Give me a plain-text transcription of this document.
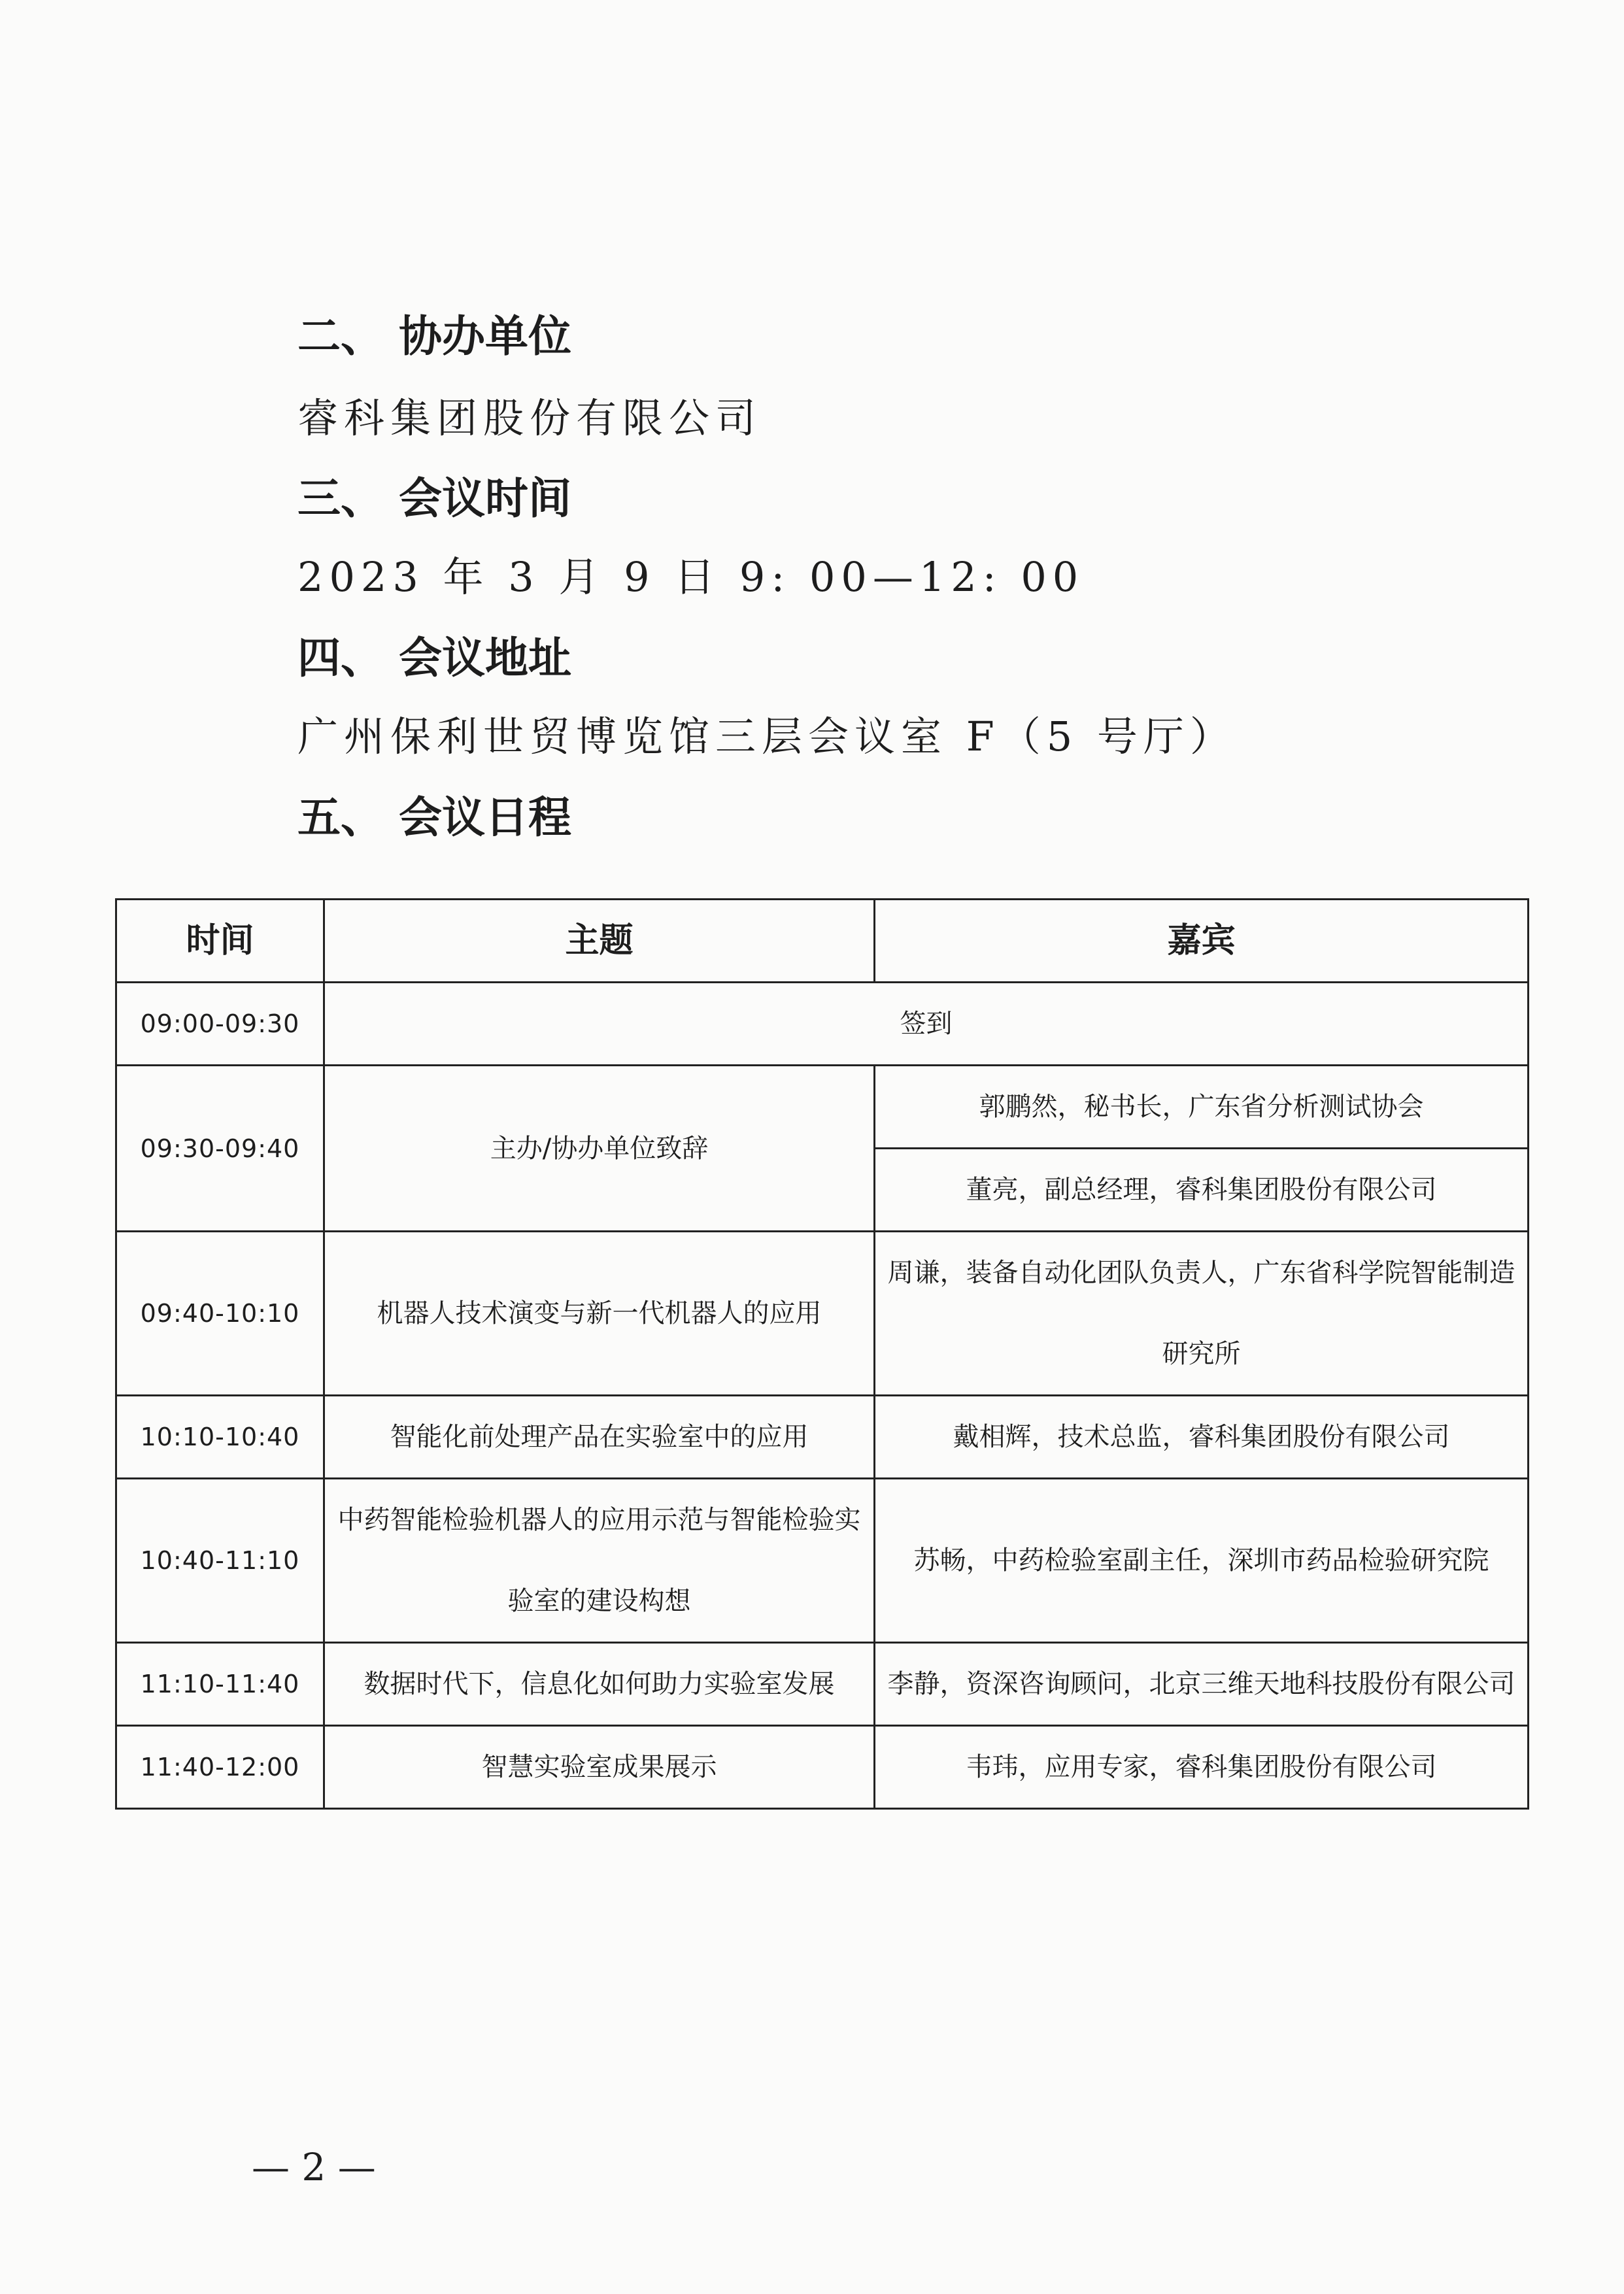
二、 协办单位
睿科集团股份有限公司
三、 会议时间
2023 年 3 月 9 日 9: 00—12: 00
四、 会议地址
广州保利世贸博览馆三层会议室 F（5 号厅）
五、 会议日程
时间	主题	嘉宾
09:00-09:30	签到	
09:30-09:40	主办/协办单位致辞	郭鹏然，秘书长，广东省分析测试协会
		董亮，副总经理，睿科集团股份有限公司
09:40-10:10	机器人技术演变与新一代机器人的应用	周谦，装备自动化团队负责人，广东省科学院智能制造研究所
10:10-10:40	智能化前处理产品在实验室中的应用	戴相辉，技术总监，睿科集团股份有限公司
10:40-11:10	中药智能检验机器人的应用示范与智能检验实验室的建设构想	苏畅，中药检验室副主任，深圳市药品检验研究院
11:10-11:40	数据时代下，信息化如何助力实验室发展	李静，资深咨询顾问，北京三维天地科技股份有限公司
11:40-12:00	智慧实验室成果展示	韦玮，应用专家，睿科集团股份有限公司
— 2 —
